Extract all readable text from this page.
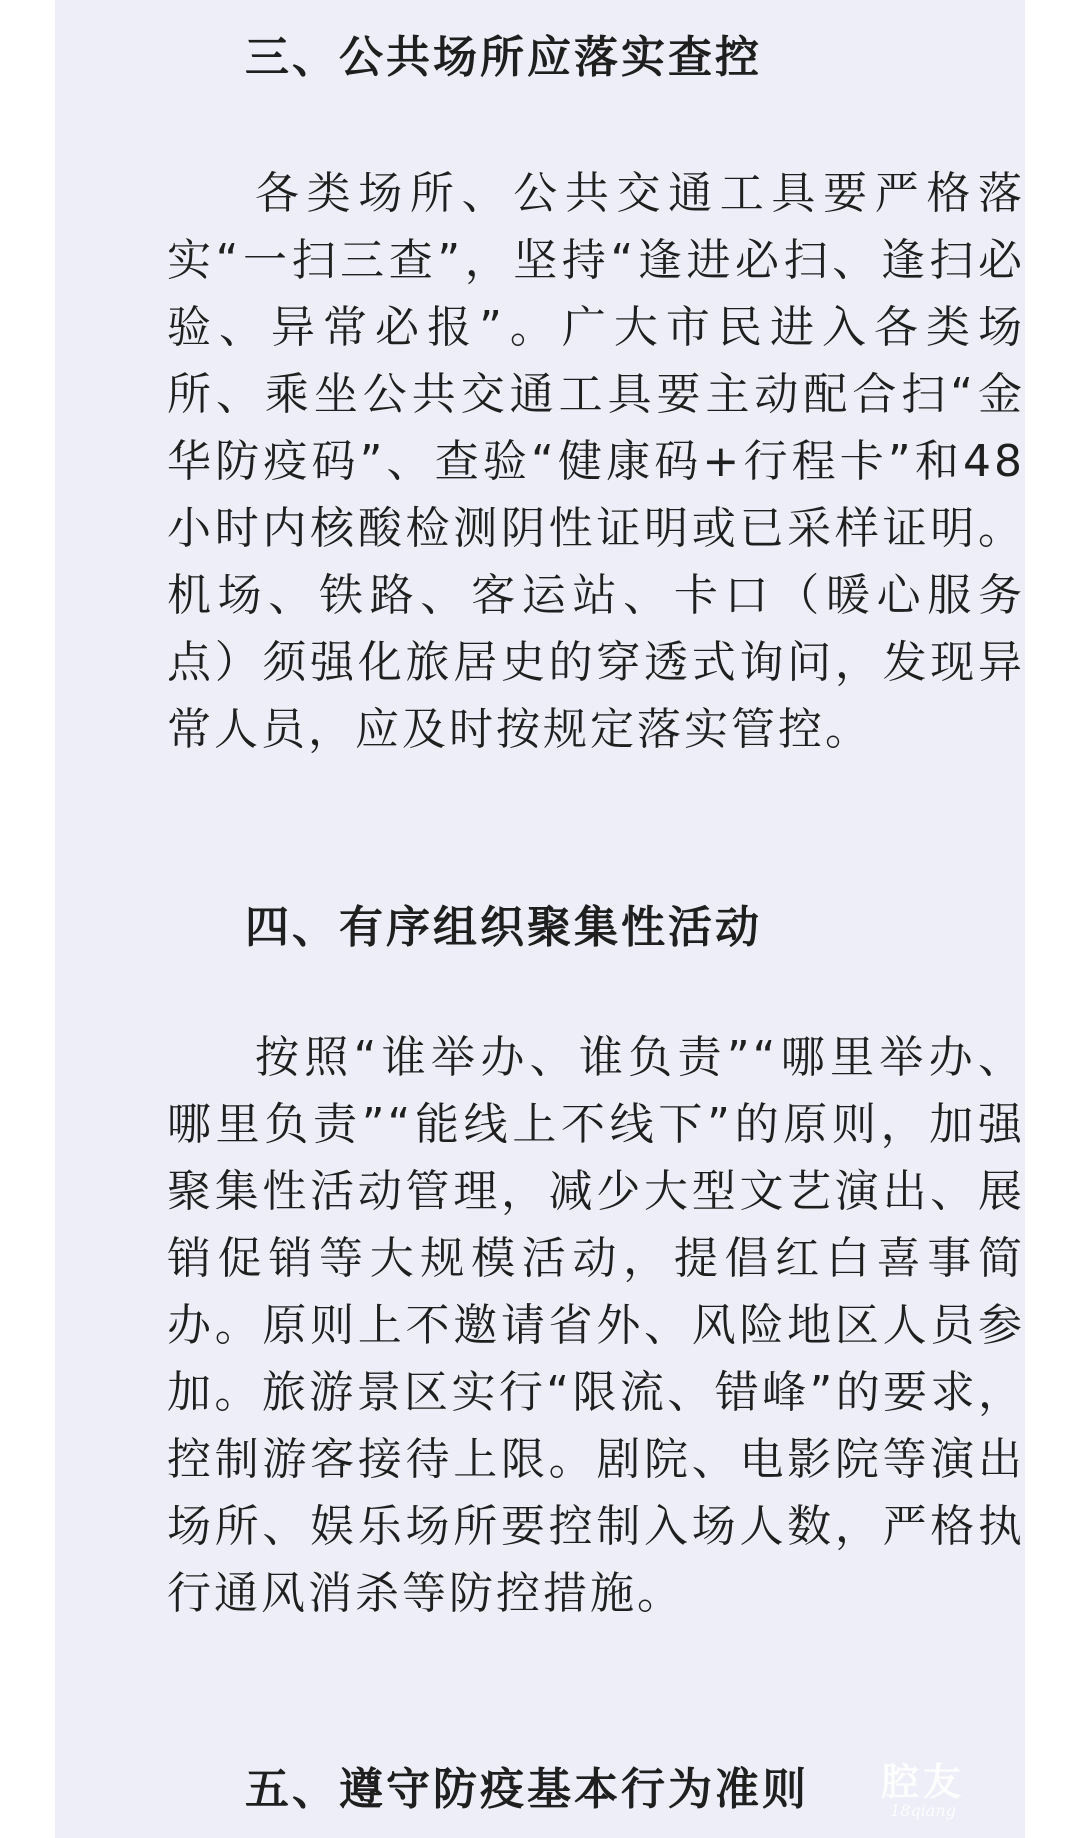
三、公共场所应落实查控

各类场所、公共交通工具要严格落实“一扫三查”，坚持“逢进必扫、逢扫必验、异常必报”。广大市民进入各类场所、乘坐公共交通工具要主动配合扫“金华防疫码”、查验“健康码+行程卡”和48小时内核酸检测阴性证明或已采样证明。机场、铁路、客运站、卡口（暖心服务点）须强化旅居史的穿透式询问，发现异常人员，应及时按规定落实管控。

四、有序组织聚集性活动

按照“谁举办、谁负责”“哪里举办、哪里负责”“能线上不线下”的原则，加强聚集性活动管理，减少大型文艺演出、展销促销等大规模活动，提倡红白喜事简办。原则上不邀请省外、风险地区人员参加。旅游景区实行“限流、错峰”的要求，控制游客接待上限。剧院、电影院等演出场所、娱乐场所要控制入场人数，严格执行通风消杀等防控措施。

五、遵守防疫基本行为准则 腔友
18qiang
